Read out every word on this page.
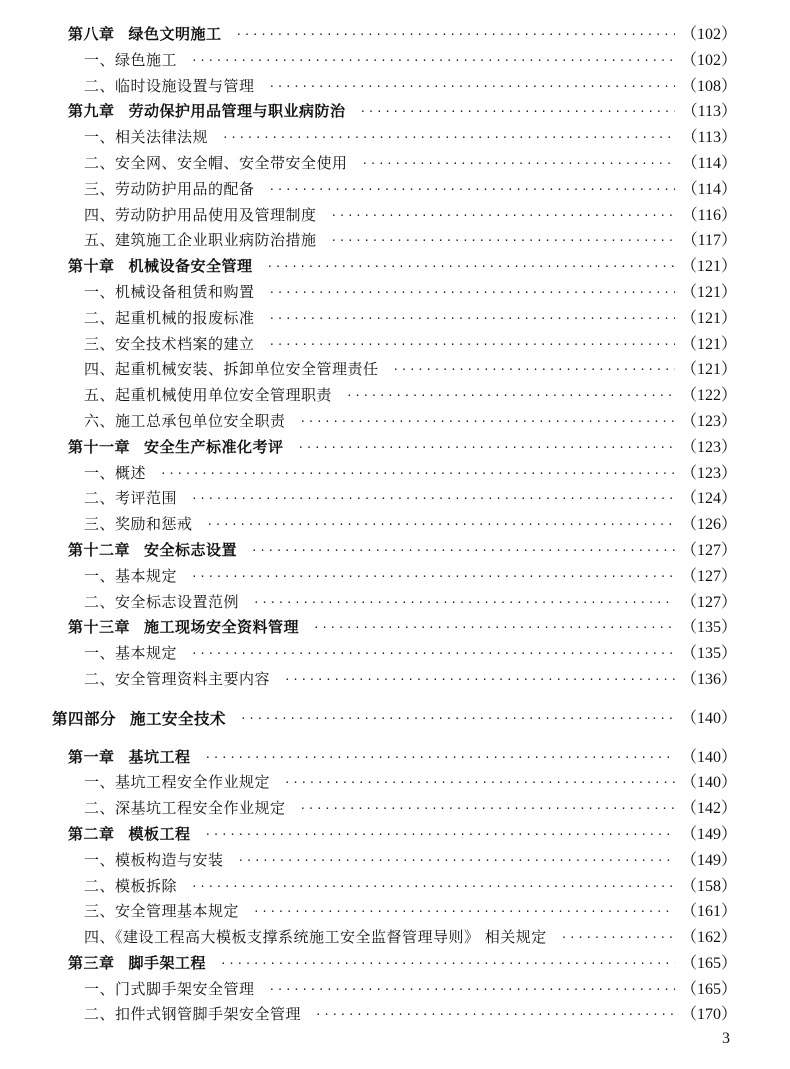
第八章 绿色文明施工 ·····	（102）
一、绿色施工 ·····	（102）
二、临时设施设置与管理 ·····	（108）
第九章 劳动保护用品管理与职业病防治 ·····	（113）
一、相关法律法规 ·····	（113）
二、安全网、安全帽、安全带安全使用 ·····	（114）
三、劳动防护用品的配备 ·····	（114）
四、劳动防护用品使用及管理制度 ·····	（116）
五、建筑施工企业职业病防治措施 ·····	（117）
第十章 机械设备安全管理 ·····	（121）
一、机械设备租赁和购置 ·····	（121）
二、起重机械的报废标准 ·····	（121）
三、安全技术档案的建立 ·····	（121）
四、起重机械安装、拆卸单位安全管理责任 ·····	（121）
五、起重机械使用单位安全管理职责 ·····	（122）
六、施工总承包单位安全职责 ·····	（123）
第十一章 安全生产标准化考评 ·····	（123）
一、概述 ·····	（123）
二、考评范围 ·····	（124）
三、奖励和惩戒 ·····	（126）
第十二章 安全标志设置 ·····	（127）
一、基本规定 ·····	（127）
二、安全标志设置范例 ·····	（127）
第十三章 施工现场安全资料管理 ·····	（135）
一、基本规定 ·····	（135）
二、安全管理资料主要内容 ·····	（136）
第四部分 施工安全技术 ·····	（140）
第一章 基坑工程 ·····	（140）
一、基坑工程安全作业规定 ·····	（140）
二、深基坑工程安全作业规定 ·····	（142）
第二章 模板工程 ·····	（149）
一、模板构造与安装 ·····	（149）
二、模板拆除 ·····	（158）
三、安全管理基本规定 ·····	（161）
四、《建设工程高大模板支撑系统施工安全监督管理导则》 相关规定 ·····	（162）
第三章 脚手架工程 ·····	（165）
一、门式脚手架安全管理 ·····	（165）
二、扣件式钢管脚手架安全管理 ·····	（170）
3
